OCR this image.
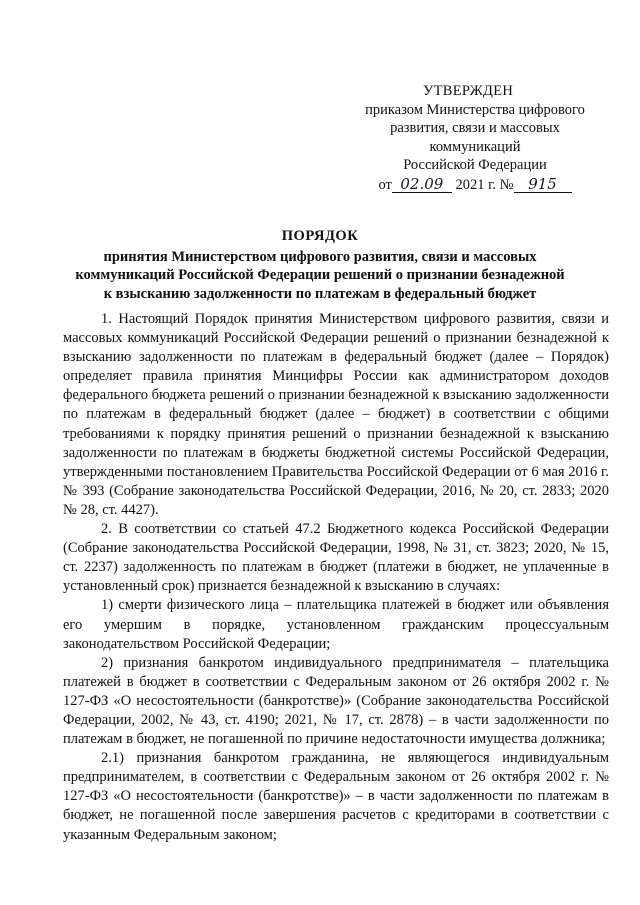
УТВЕРЖДЕН
приказом Министерства цифрового
развития, связи и массовых
коммуникаций
Российской Федерации
от 02.09 2021 г. № 915
ПОРЯДОК
принятия Министерством цифрового развития, связи и массовых
коммуникаций Российской Федерации решений о признании безнадежной
к взысканию задолженности по платежам в федеральный бюджет

1. Настоящий Порядок принятия Министерством цифрового развития, связи и массовых коммуникаций Российской Федерации решений о признании безнадежной к взысканию задолженности по платежам в федеральный бюджет (далее – Порядок) определяет правила принятия Минцифры России как администратором доходов федерального бюджета решений о признании безнадежной к взысканию задолженности по платежам в федеральный бюджет (далее – бюджет) в соответствии с общими требованиями к порядку принятия решений о признании безнадежной к взысканию задолженности по платежам в бюджеты бюджетной системы Российской Федерации, утвержденными постановлением Правительства Российской Федерации от 6 мая 2016 г. № 393 (Собрание законодательства Российской Федерации, 2016, № 20, ст. 2833; 2020 № 28, ст. 4427).

2. В соответствии со статьей 47.2 Бюджетного кодекса Российской Федерации (Собрание законодательства Российской Федерации, 1998, № 31, ст. 3823; 2020, № 15, ст. 2237) задолженность по платежам в бюджет (платежи в бюджет, не уплаченные в установленный срок) признается безнадежной к взысканию в случаях:

1) смерти физического лица – плательщика платежей в бюджет или объявления его умершим в порядке, установленном гражданским процессуальным законодательством Российской Федерации;

2) признания банкротом индивидуального предпринимателя – плательщика платежей в бюджет в соответствии с Федеральным законом от 26 октября 2002 г. № 127-ФЗ «О несостоятельности (банкротстве)» (Собрание законодательства Российской Федерации, 2002, № 43, ст. 4190; 2021, № 17, ст. 2878) – в части задолженности по платежам в бюджет, не погашенной по причине недостаточности имущества должника;

2.1) признания банкротом гражданина, не являющегося индивидуальным предпринимателем, в соответствии с Федеральным законом от 26 октября 2002 г. № 127-ФЗ «О несостоятельности (банкротстве)» – в части задолженности по платежам в бюджет, не погашенной после завершения расчетов с кредиторами в соответствии с указанным Федеральным законом;
